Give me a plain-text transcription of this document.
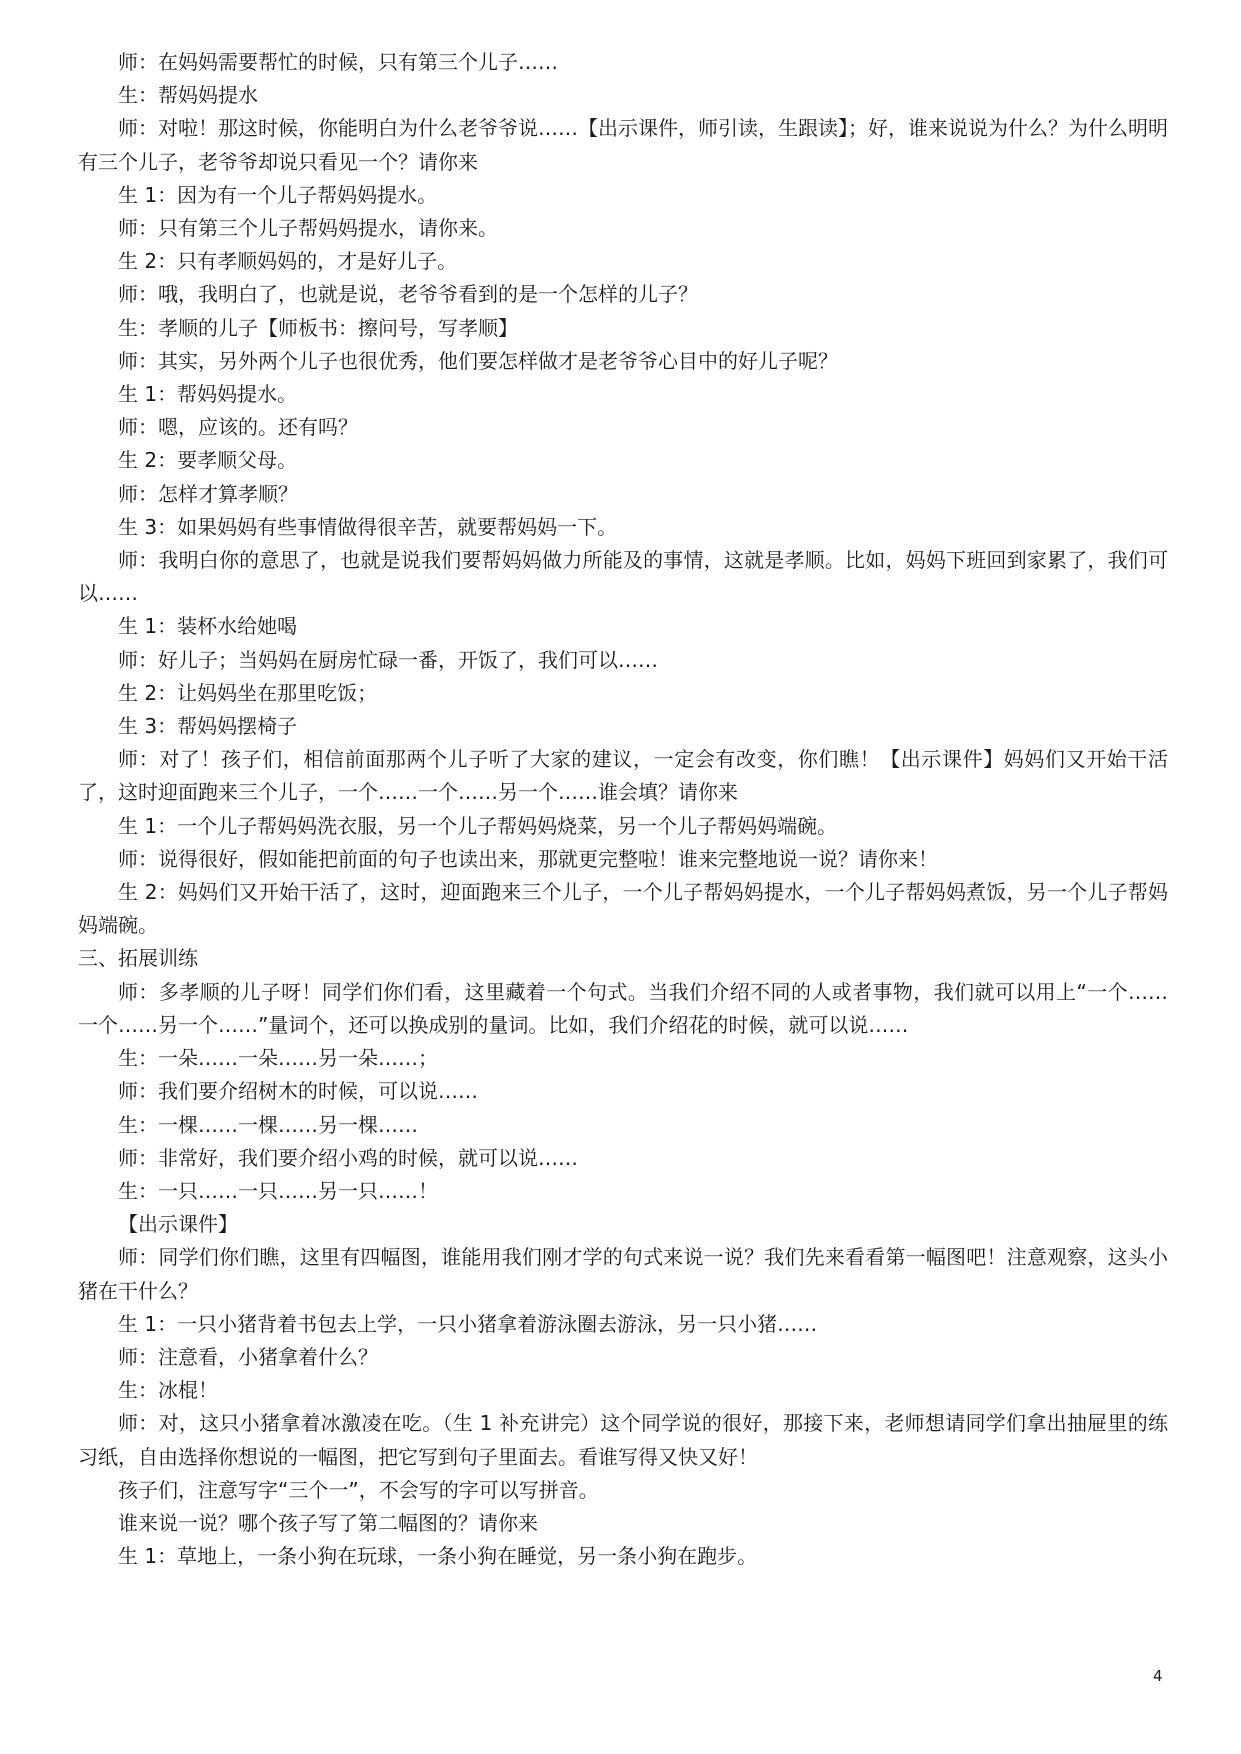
师：在妈妈需要帮忙的时候，只有第三个儿子……

生：帮妈妈提水

师：对啦！那这时候，你能明白为什么老爷爷说……【出示课件，师引读，生跟读】；好，谁来说说为什么？为什么明明有三个儿子，老爷爷却说只看见一个？请你来

生 1：因为有一个儿子帮妈妈提水。

师：只有第三个儿子帮妈妈提水，请你来。

生 2：只有孝顺妈妈的，才是好儿子。

师：哦，我明白了，也就是说，老爷爷看到的是一个怎样的儿子？

生：孝顺的儿子【师板书：擦问号，写孝顺】

师：其实，另外两个儿子也很优秀，他们要怎样做才是老爷爷心目中的好儿子呢？

生 1：帮妈妈提水。

师：嗯，应该的。还有吗？

生 2：要孝顺父母。

师：怎样才算孝顺？

生 3：如果妈妈有些事情做得很辛苦，就要帮妈妈一下。

师：我明白你的意思了，也就是说我们要帮妈妈做力所能及的事情，这就是孝顺。比如，妈妈下班回到家累了，我们可以……

生 1：装杯水给她喝

师：好儿子；当妈妈在厨房忙碌一番，开饭了，我们可以……

生 2：让妈妈坐在那里吃饭；

生 3：帮妈妈摆椅子

师：对了！孩子们，相信前面那两个儿子听了大家的建议，一定会有改变，你们瞧！【出示课件】妈妈们又开始干活了，这时迎面跑来三个儿子，一个……一个……另一个……谁会填？请你来

生 1：一个儿子帮妈妈洗衣服，另一个儿子帮妈妈烧菜，另一个儿子帮妈妈端碗。

师：说得很好，假如能把前面的句子也读出来，那就更完整啦！谁来完整地说一说？请你来！

生 2：妈妈们又开始干活了，这时，迎面跑来三个儿子，一个儿子帮妈妈提水，一个儿子帮妈妈煮饭，另一个儿子帮妈妈端碗。

三、拓展训练

师：多孝顺的儿子呀！同学们你们看，这里藏着一个句式。当我们介绍不同的人或者事物，我们就可以用上“一个……一个……另一个……”量词个，还可以换成别的量词。比如，我们介绍花的时候，就可以说……

生：一朵……一朵……另一朵……；

师：我们要介绍树木的时候，可以说……

生：一棵……一棵……另一棵……

师：非常好，我们要介绍小鸡的时候，就可以说……

生：一只……一只……另一只……！

【出示课件】

师：同学们你们瞧，这里有四幅图，谁能用我们刚才学的句式来说一说？我们先来看看第一幅图吧！注意观察，这头小猪在干什么？

生 1：一只小猪背着书包去上学，一只小猪拿着游泳圈去游泳，另一只小猪……

师：注意看，小猪拿着什么？

生：冰棍！

师：对，这只小猪拿着冰激凌在吃。（生 1 补充讲完）这个同学说的很好，那接下来，老师想请同学们拿出抽屉里的练习纸，自由选择你想说的一幅图，把它写到句子里面去。看谁写得又快又好！

孩子们，注意写字“三个一”，不会写的字可以写拼音。

谁来说一说？哪个孩子写了第二幅图的？请你来

生 1：草地上，一条小狗在玩球，一条小狗在睡觉，另一条小狗在跑步。

4
